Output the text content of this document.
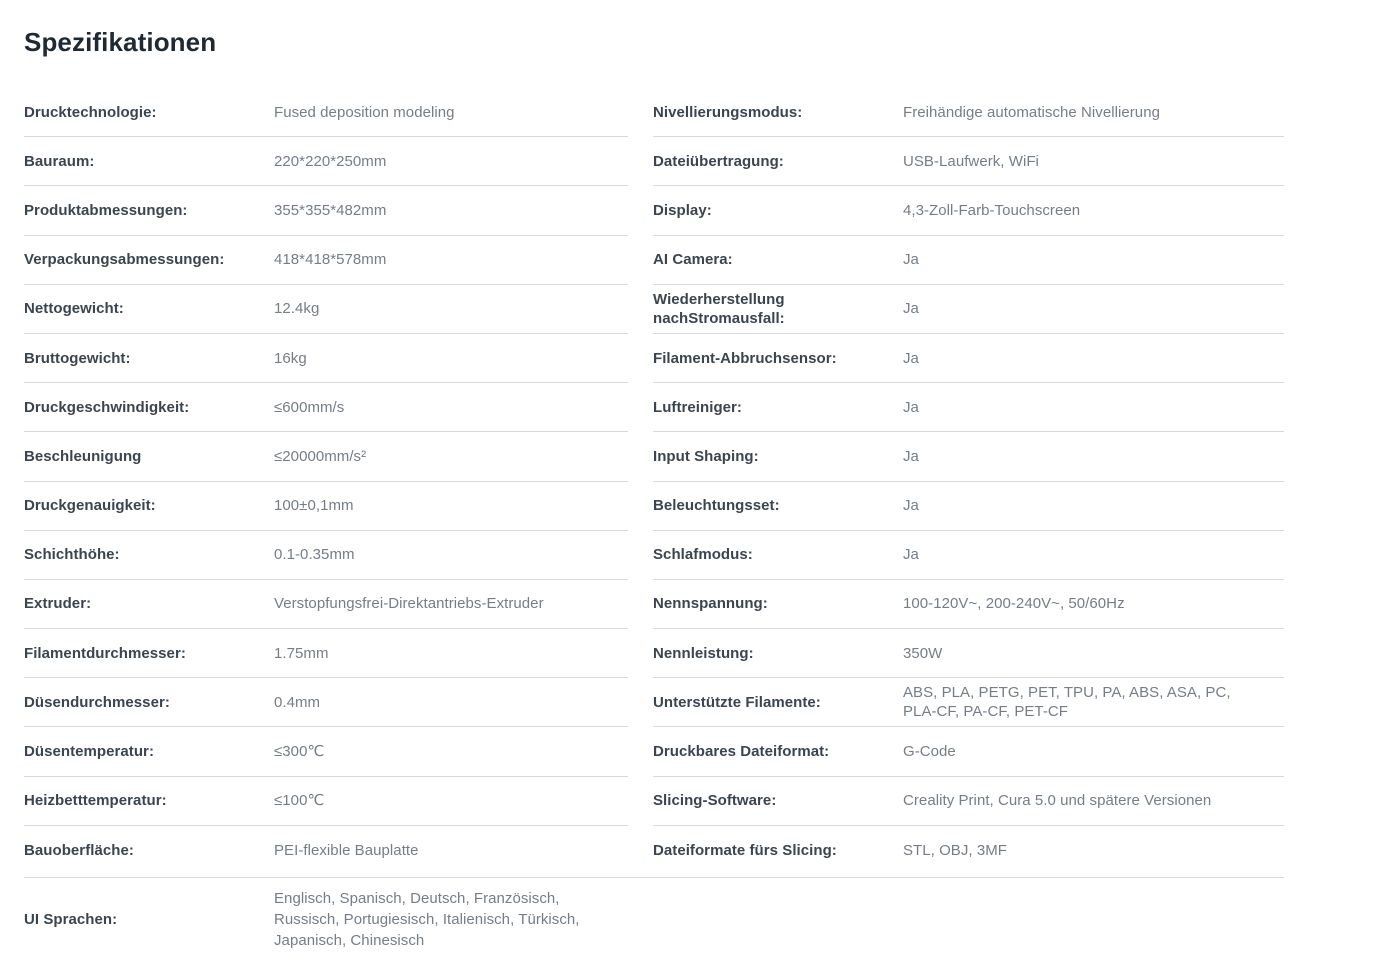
Spezifikationen
Drucktechnologie:	Fused deposition modeling
Bauraum:	220*220*250mm
Produktabmessungen:	355*355*482mm
Verpackungsabmessungen:	418*418*578mm
Nettogewicht:	12.4kg
Bruttogewicht:	16kg
Druckgeschwindigkeit:	≤600mm/s
Beschleunigung	≤20000mm/s²
Druckgenauigkeit:	100±0,1mm
Schichthöhe:	0.1-0.35mm
Extruder:	Verstopfungsfrei-Direktantriebs-Extruder
Filamentdurchmesser:	1.75mm
Düsendurchmesser:	0.4mm
Düsentemperatur:	≤300℃
Heizbetttemperatur:	≤100℃
Bauoberfläche:	PEI-flexible Bauplatte
Nivellierungsmodus:	Freihändige automatische Nivellierung
Dateiübertragung:	USB-Laufwerk, WiFi
Display:	4,3-Zoll-Farb-Touchscreen
AI Camera:	Ja
Wiederherstellung nachStromausfall:
Ja
Filament-Abbruchsensor:	Ja
Luftreiniger:	Ja
Input Shaping:	Ja
Beleuchtungsset:	Ja
Schlafmodus:	Ja
Nennspannung:	100-120V~, 200-240V~, 50/60Hz
Nennleistung:	350W
Unterstützte Filamente:
ABS, PLA, PETG, PET, TPU, PA, ABS, ASA, PC,
PLA-CF, PA-CF, PET-CF
Druckbares Dateiformat:	G-Code
Slicing-Software:	Creality Print, Cura 5.0 und spätere Versionen
Dateiformate fürs Slicing:	STL, OBJ, 3MF
UI Sprachen:
Englisch, Spanisch, Deutsch, Französisch,
Russisch, Portugiesisch, Italienisch, Türkisch,
Japanisch, Chinesisch
